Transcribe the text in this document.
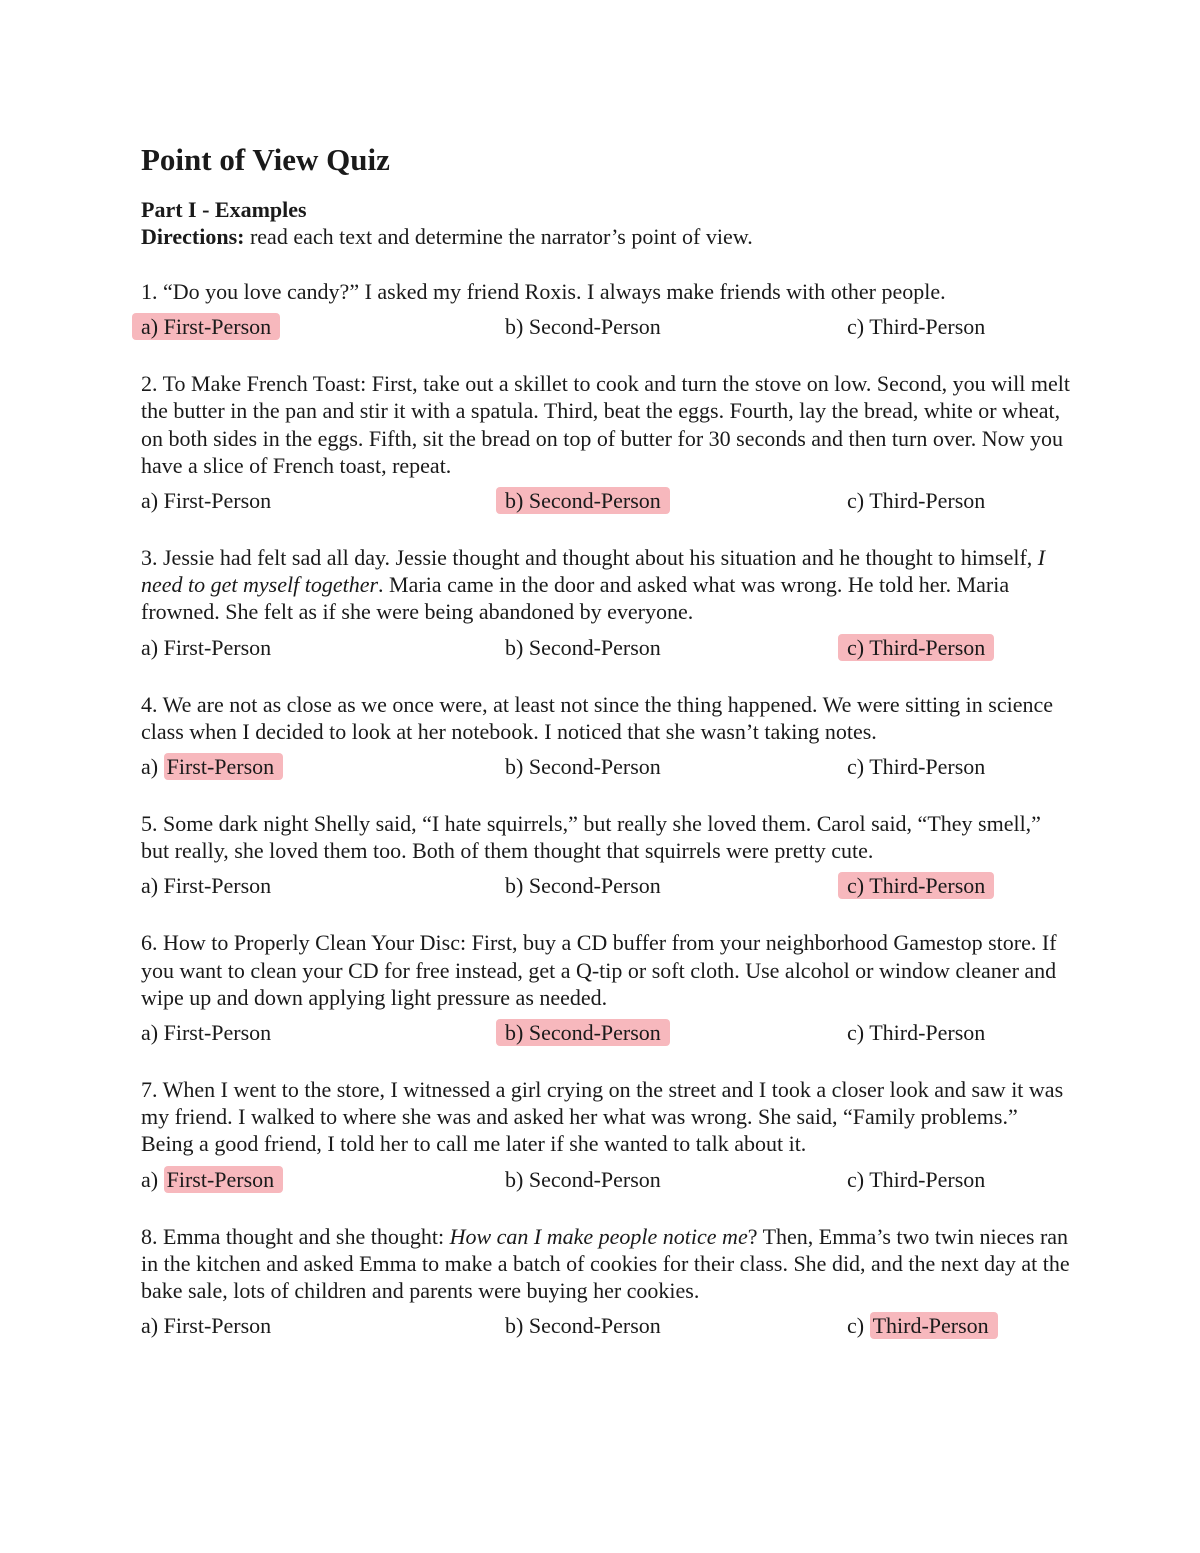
Point of View Quiz
Part I - Examples
Directions: read each text and determine the narrator’s point of view.

1. “Do you love candy?” I asked my friend Roxis. I always make friends with other people.

a) First-Person	b) Second-Person	c) Third-Person

2. To Make French Toast: First, take out a skillet to cook and turn the stove on low. Second, you will melt the butter in the pan and stir it with a spatula. Third, beat the eggs. Fourth, lay the bread, white or wheat, on both sides in the eggs. Fifth, sit the bread on top of butter for 30 seconds and then turn over. Now you have a slice of French toast, repeat.

a) First-Person	b) Second-Person	c) Third-Person

3. Jessie had felt sad all day. Jessie thought and thought about his situation and he thought to himself, I need to get myself together. Maria came in the door and asked what was wrong. He told her. Maria frowned. She felt as if she were being abandoned by everyone.

a) First-Person	b) Second-Person	c) Third-Person

4. We are not as close as we once were, at least not since the thing happened. We were sitting in science class when I decided to look at her notebook. I noticed that she wasn’t taking notes.

a) First-Person	b) Second-Person	c) Third-Person

5. Some dark night Shelly said, “I hate squirrels,” but really she loved them. Carol said, “They smell,” but really, she loved them too. Both of them thought that squirrels were pretty cute.

a) First-Person	b) Second-Person	c) Third-Person

6. How to Properly Clean Your Disc: First, buy a CD buffer from your neighborhood Gamestop store. If you want to clean your CD for free instead, get a Q-tip or soft cloth. Use alcohol or window cleaner and wipe up and down applying light pressure as needed.

a) First-Person	b) Second-Person	c) Third-Person

7. When I went to the store, I witnessed a girl crying on the street and I took a closer look and saw it was my friend. I walked to where she was and asked her what was wrong. She said, “Family problems.” Being a good friend, I told her to call me later if she wanted to talk about it.

a) First-Person	b) Second-Person	c) Third-Person

8. Emma thought and she thought: How can I make people notice me? Then, Emma’s two twin nieces ran in the kitchen and asked Emma to make a batch of cookies for their class. She did, and the next day at the bake sale, lots of children and parents were buying her cookies.

a) First-Person	b) Second-Person	c) Third-Person
